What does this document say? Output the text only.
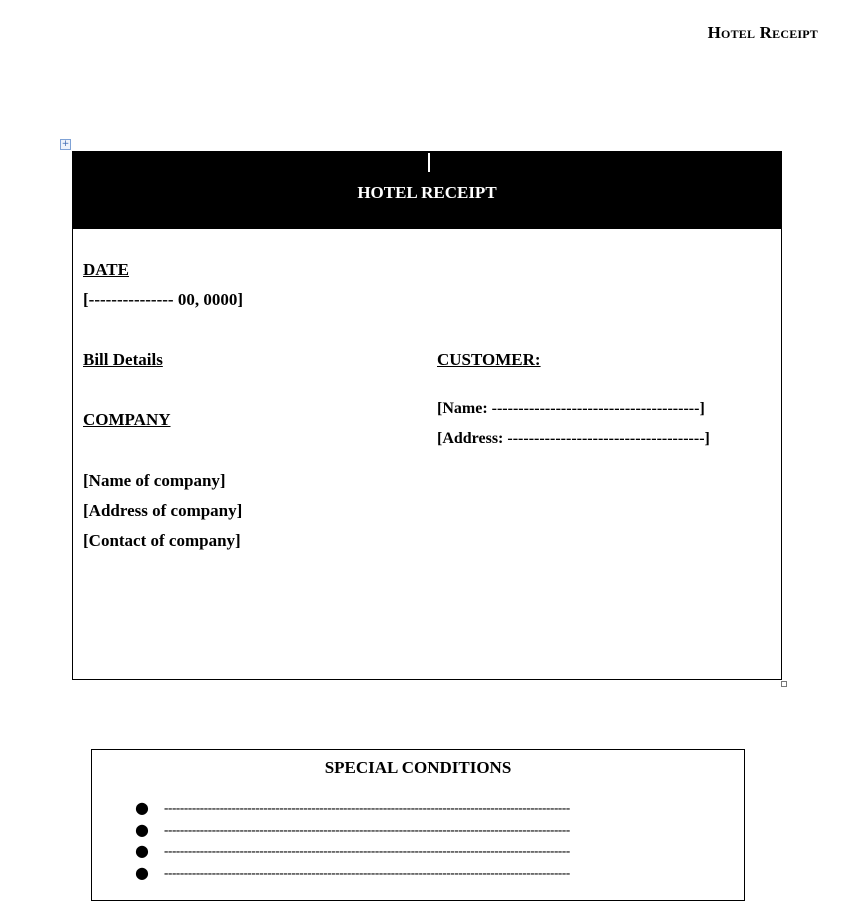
Hotel Receipt
+
HOTEL RECEIPT
DATE
[--------------- 00, 0000]
Bill Details	CUSTOMER:
COMPANY
[Name: ---------------------------------------]
[Address: -------------------------------------]
[Name of company]
[Address of company]
[Contact of company]
SPECIAL CONDITIONS
● ------------------------------------------------------------------------------------------------------
● ------------------------------------------------------------------------------------------------------
● ------------------------------------------------------------------------------------------------------
● ------------------------------------------------------------------------------------------------------
